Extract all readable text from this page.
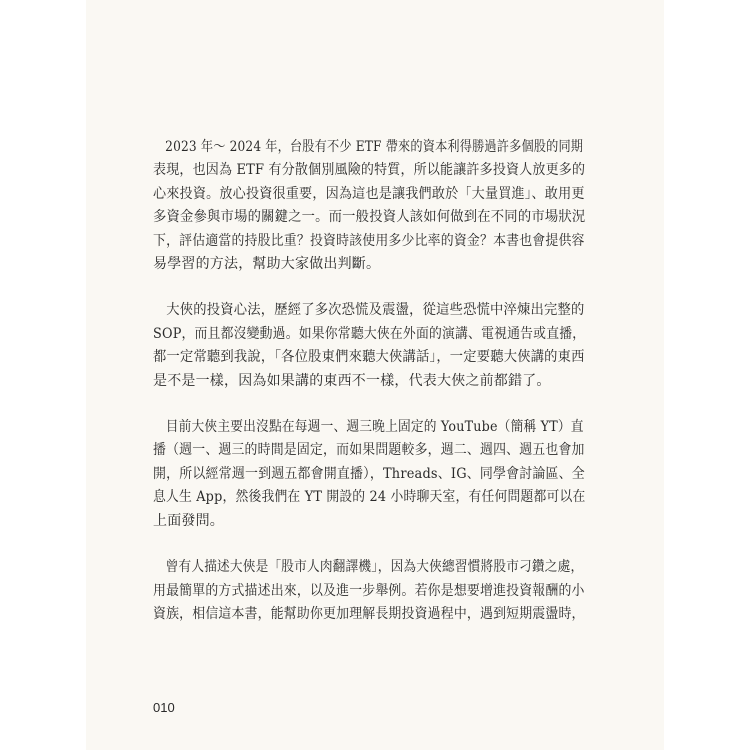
2023 年～ 2024 年，台股有不少 ETF 帶來的資本利得勝過許多個股的同期
表現，也因為 ETF 有分散個別風險的特質，所以能讓許多投資人放更多的
心來投資。放心投資很重要，因為這也是讓我們敢於「大量買進」、敢用更
多資金參與市場的關鍵之一。而一般投資人該如何做到在不同的市場狀況
下，評估適當的持股比重？投資時該使用多少比率的資金？本書也會提供容
易學習的方法，幫助大家做出判斷。

大俠的投資心法，歷經了多次恐慌及震盪，從這些恐慌中淬煉出完整的
SOP，而且都沒變動過。如果你常聽大俠在外面的演講、電視通告或直播，
都一定常聽到我說，「各位股東們來聽大俠講話」，一定要聽大俠講的東西
是不是一樣，因為如果講的東西不一樣，代表大俠之前都錯了。

目前大俠主要出沒點在每週一、週三晚上固定的 YouTube（簡稱 YT）直
播（週一、週三的時間是固定，而如果問題較多，週二、週四、週五也會加
開，所以經常週一到週五都會開直播），Threads、IG、同學會討論區、全
息人生 App，然後我們在 YT 開設的 24 小時聊天室，有任何問題都可以在
上面發問。

曾有人描述大俠是「股市人肉翻譯機」，因為大俠總習慣將股市刁鑽之處，
用最簡單的方式描述出來，以及進一步舉例。若你是想要增進投資報酬的小
資族，相信這本書，能幫助你更加理解長期投資過程中，遇到短期震盪時，

010
